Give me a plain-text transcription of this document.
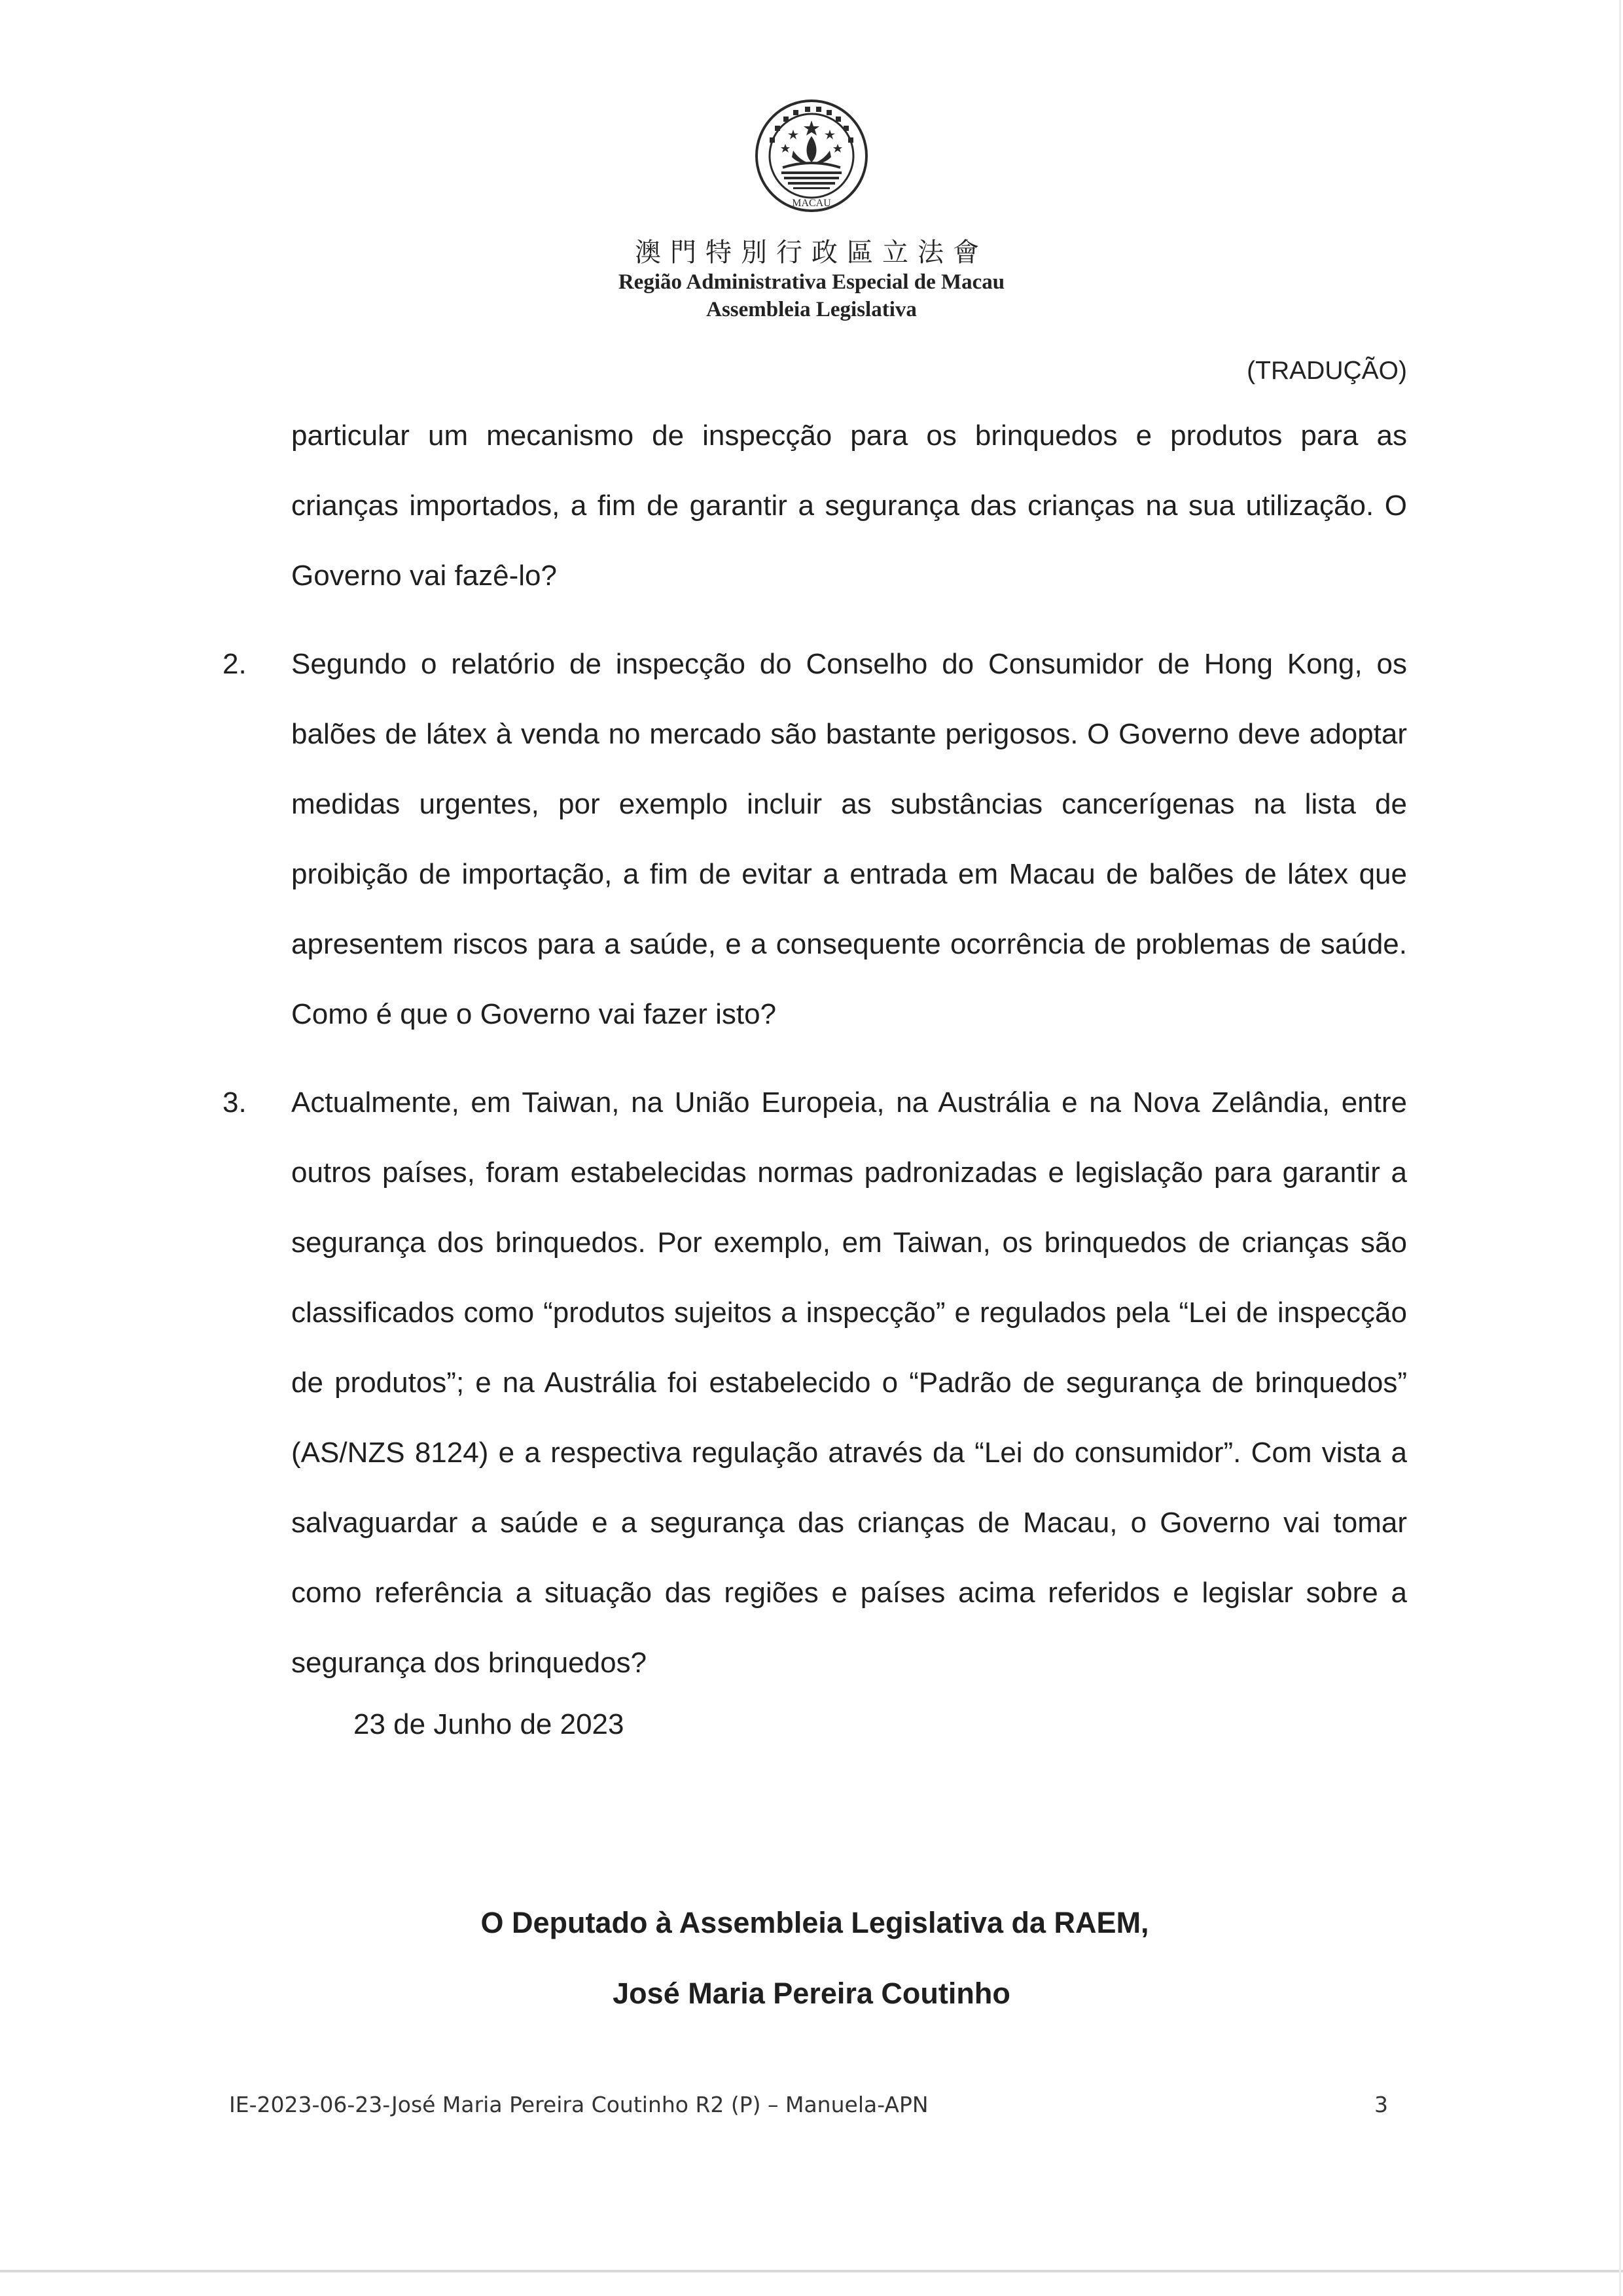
MACAU
澳門特別行政區立法會
Região Administrativa Especial de Macau
Assembleia Legislativa
(TRADUÇÃO)

particular um mecanismo de inspecção para os brinquedos e produtos para as crianças importados, a fim de garantir a segurança das crianças na sua utilização. O Governo vai fazê-lo?

2.	Segundo o relatório de inspecção do Conselho do Consumidor de Hong Kong, os balões de látex à venda no mercado são bastante perigosos. O Governo deve adoptar medidas urgentes, por exemplo incluir as substâncias cancerígenas na lista de proibição de importação, a fim de evitar a entrada em Macau de balões de látex que apresentem riscos para a saúde, e a consequente ocorrência de problemas de saúde. Como é que o Governo vai fazer isto?

3.	Actualmente, em Taiwan, na União Europeia, na Austrália e na Nova Zelândia, entre outros países, foram estabelecidas normas padronizadas e legislação para garantir a segurança dos brinquedos. Por exemplo, em Taiwan, os brinquedos de crianças são classificados como “produtos sujeitos a inspecção” e regulados pela “Lei de inspecção de produtos”; e na Austrália foi estabelecido o “Padrão de segurança de brinquedos” (AS/NZS 8124) e a respectiva regulação através da “Lei do consumidor”. Com vista a salvaguardar a saúde e a segurança das crianças de Macau, o Governo vai tomar como referência a situação das regiões e países acima referidos e legislar sobre a segurança dos brinquedos?

23 de Junho de 2023
O Deputado à Assembleia Legislativa da RAEM,
José Maria Pereira Coutinho
IE-2023-06-23-José Maria Pereira Coutinho R2 (P) – Manuela-APN	3
